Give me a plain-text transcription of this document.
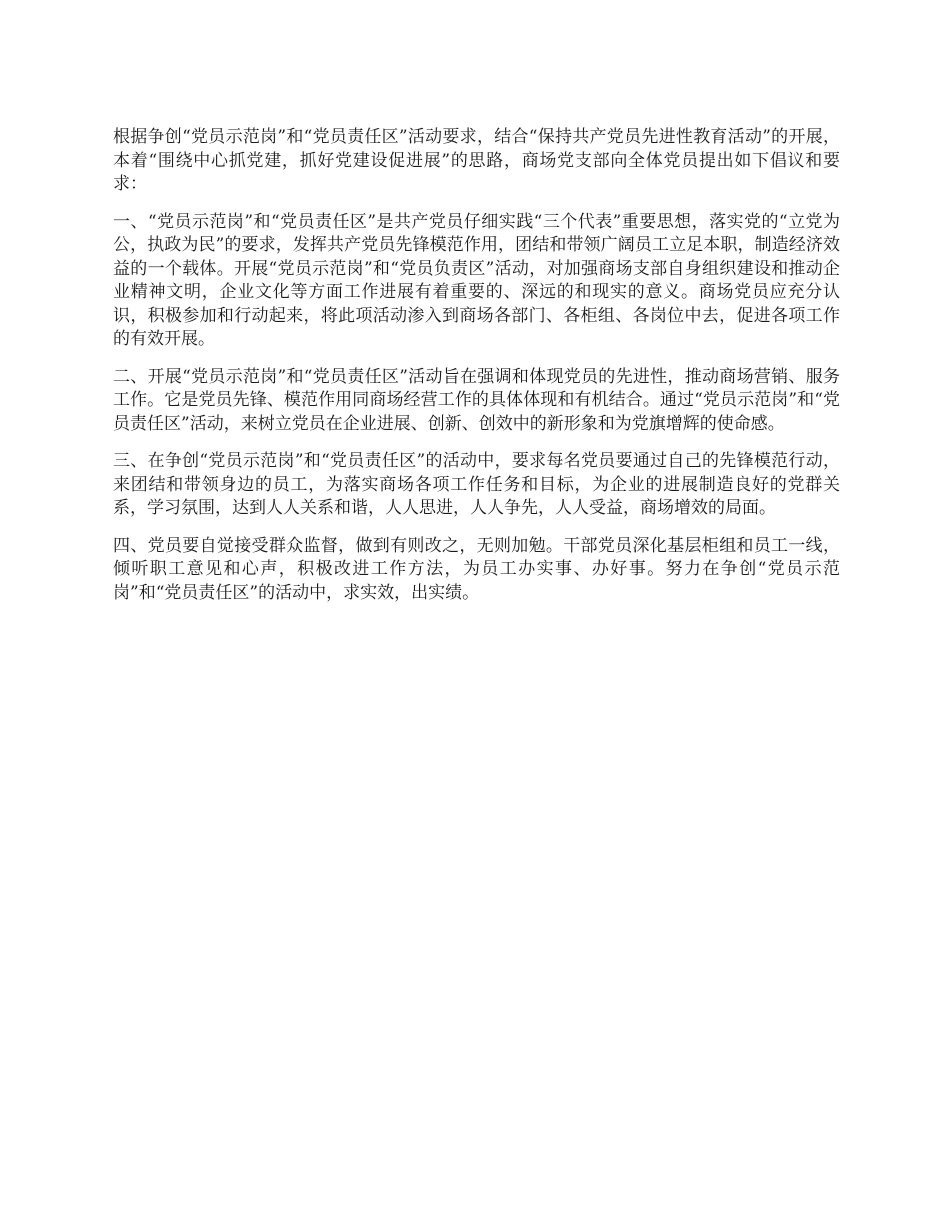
根据争创“党员示范岗”和“党员责任区”活动要求，结合“保持共产党员先进性教育活动”的开展，本着“围绕中心抓党建，抓好党建设促进展”的思路，商场党支部向全体党员提出如下倡议和要求：

一、“党员示范岗”和“党员责任区”是共产党员仔细实践“三个代表”重要思想，落实党的“立党为公，执政为民”的要求，发挥共产党员先锋模范作用，团结和带领广阔员工立足本职，制造经济效益的一个载体。开展“党员示范岗”和“党员负责区”活动，对加强商场支部自身组织建设和推动企业精神文明，企业文化等方面工作进展有着重要的、深远的和现实的意义。商场党员应充分认识，积极参加和行动起来，将此项活动渗入到商场各部门、各柜组、各岗位中去，促进各项工作的有效开展。

二、开展“党员示范岗”和“党员责任区”活动旨在强调和体现党员的先进性，推动商场营销、服务工作。它是党员先锋、模范作用同商场经营工作的具体体现和有机结合。通过“党员示范岗”和“党员责任区”活动，来树立党员在企业进展、创新、创效中的新形象和为党旗增辉的使命感。

三、在争创“党员示范岗”和“党员责任区”的活动中，要求每名党员要通过自己的先锋模范行动，来团结和带领身边的员工，为落实商场各项工作任务和目标，为企业的进展制造良好的党群关系，学习氛围，达到人人关系和谐，人人思进，人人争先，人人受益，商场增效的局面。

四、党员要自觉接受群众监督，做到有则改之，无则加勉。干部党员深化基层柜组和员工一线，倾听职工意见和心声，积极改进工作方法，为员工办实事、办好事。努力在争创“党员示范岗”和“党员责任区”的活动中，求实效，出实绩。
